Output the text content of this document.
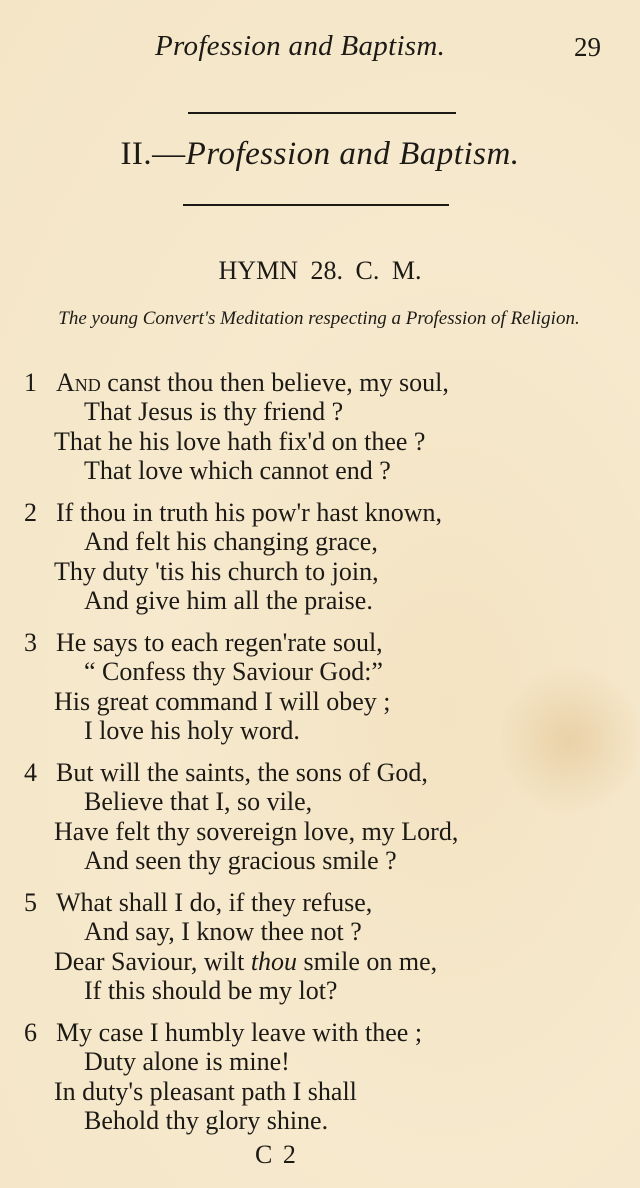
Profession and Baptism.	29
II.—Profession and Baptism.
HYMN 28. C. M.
The young Convert's Meditation respecting a Profession of Religion.
1 And canst thou then believe, my soul,
That Jesus is thy friend ?
That he his love hath fix'd on thee ?
That love which cannot end ?
2 If thou in truth his pow'r hast known,
And felt his changing grace,
Thy duty 'tis his church to join,
And give him all the praise.
3 He says to each regen'rate soul,
“ Confess thy Saviour God:”
His great command I will obey ;
I love his holy word.
4 But will the saints, the sons of God,
Believe that I, so vile,
Have felt thy sovereign love, my Lord,
And seen thy gracious smile ?
5 What shall I do, if they refuse,
And say, I know thee not ?
Dear Saviour, wilt thou smile on me,
If this should be my lot?
6 My case I humbly leave with thee ;
Duty alone is mine!
In duty's pleasant path I shall
Behold thy glory shine.
C 2
